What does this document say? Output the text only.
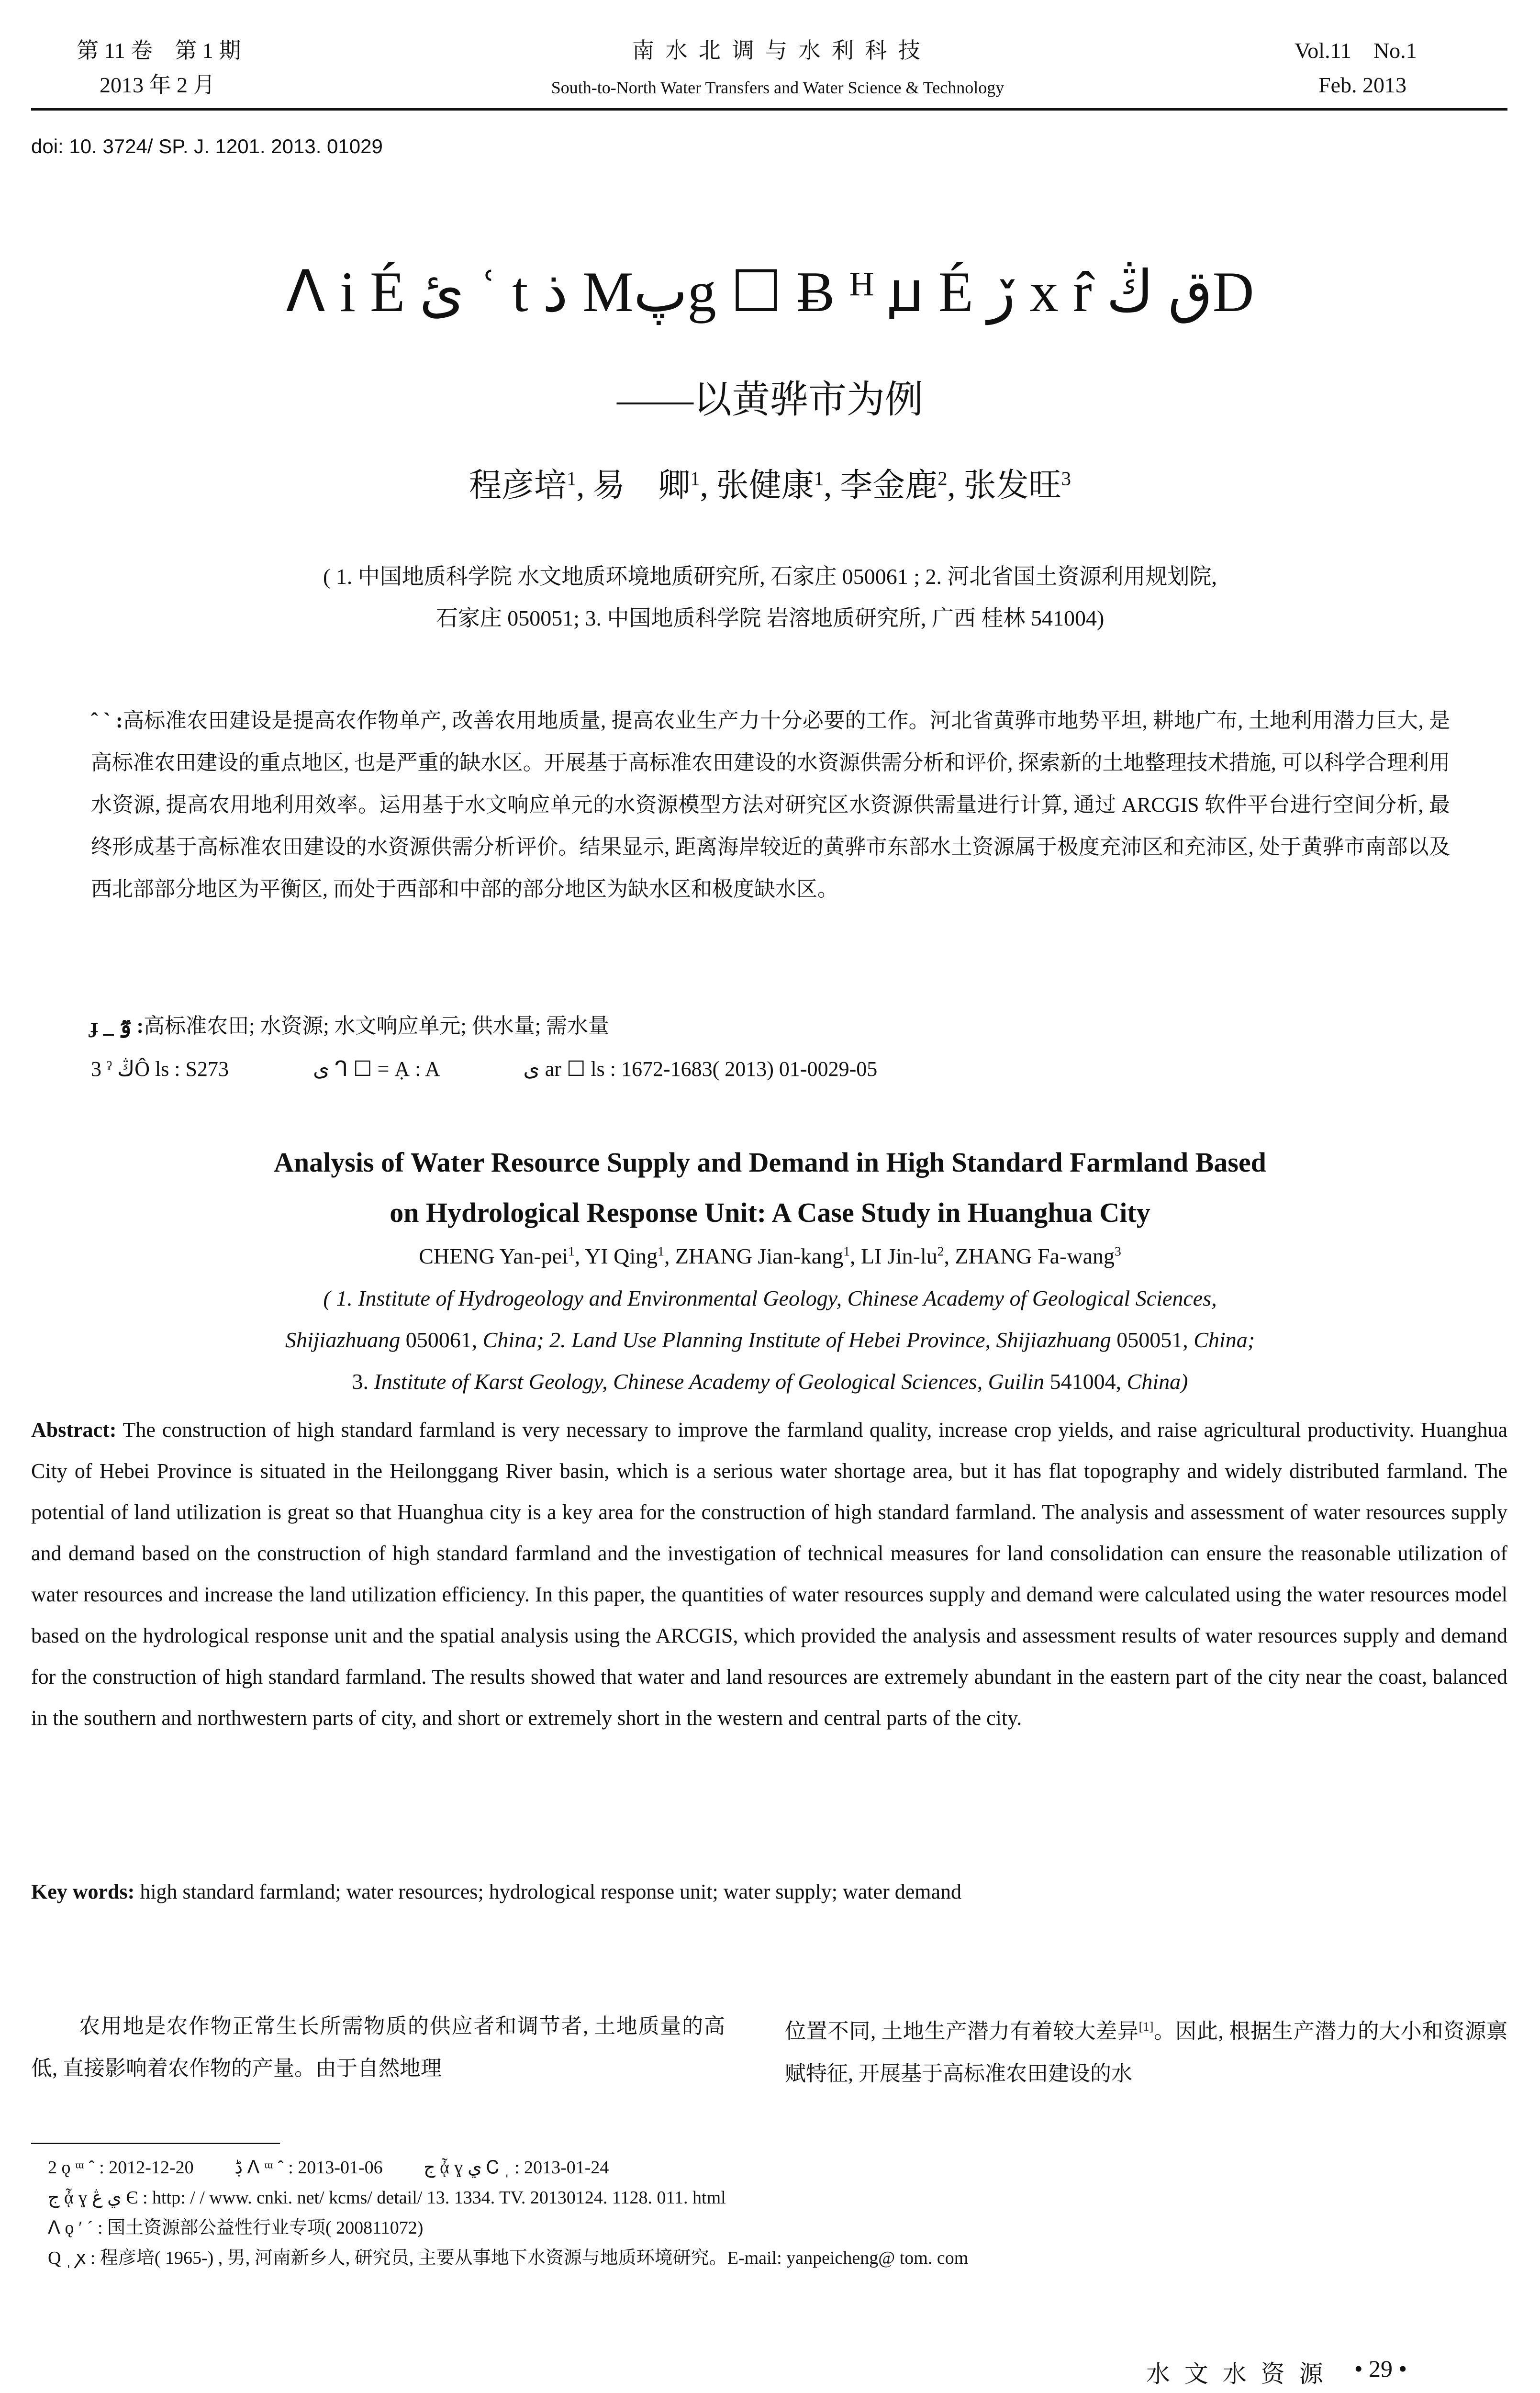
第 11 卷　第 1 期
2013 年 2 月
南 水 北 调 与 水 利 科 技
South-to-North Water Transfers and Water Science & Technology
Vol.11　No.1
Feb. 2013
doi: 10. 3724/ SP. J. 1201. 2013. 01029
ᐱ i É ئ ʿ t ذ Mپg ☐ Ƀ ᴴ ꙡ É ڒ x r̂ ق ڭD
——以黄骅市为例
程彦培$^1$, 易　卿$^1$, 张健康$^1$, 李金鹿$^2$, 张发旺$^3$
( 1. 中国地质科学院 水文地质环境地质研究所, 石家庄 050061 ; 2. 河北省国土资源利用规划院,
石家庄 050051; 3. 中国地质科学院 岩溶地质研究所, 广西 桂林 541004)
ˆ ` :高标准农田建设是提高农作物单产, 改善农用地质量, 提高农业生产力十分必要的工作。河北省黄骅市地势平坦, 耕地广布, 土地利用潜力巨大, 是高标准农田建设的重点地区, 也是严重的缺水区。开展基于高标准农田建设的水资源供需分析和评价, 探索新的土地整理技术措施, 可以科学合理利用水资源, 提高农用地利用效率。运用基于水文响应单元的水资源模型方法对研究区水资源供需量进行计算, 通过 ARCGIS 软件平台进行空间分析, 最终形成基于高标准农田建设的水资源供需分析评价。结果显示, 距离海岸较近的黄骅市东部水土资源属于极度充沛区和充沛区, 处于黄骅市南部以及西北部部分地区为平衡区, 而处于西部和中部的部分地区为缺水区和极度缺水区。
ɟ _ ٷ :高标准农田; 水资源; 水文响应单元; 供水量; 需水量
3 ˀ ڭÔ ls : S273　　　　	ی ᒉ ☐ = Ạ : A　　　　	ی ar ☐ ls : 1672-1683( 2013) 01-0029-05
Analysis of Water Resource Supply and Demand in High Standard Farmland Based
on Hydrological Response Unit: A Case Study in Huanghua City
CHENG Yan-pei$^1$, YI Qing$^1$, ZHANG Jian-kang$^1$, LI Jin-$lu^2$, ZHANG Fa-wang$^3$
( 1. Institute of Hydrogeology and Environmental Geology, Chinese Academy of Geological Sciences,
Shijiazhuang 050061, China; 2. Land Use Planning Institute of Hebei Province, Shijiazhuang 050051, China;
3. Institute of Karst Geology, Chinese Academy of Geological Sciences, Guilin 541004, China)
Abstract: The construction of high standard farmland is very necessary to improve the farmland quality, increase crop yields, and raise agricultural productivity. Huanghua City of Hebei Province is situated in the Heilonggang River basin, which is a serious water shortage area, but it has flat topography and widely distributed farmland. The potential of land utilization is great so that Huanghua city is a key area for the construction of high standard farmland. The analysis and assessment of water resources supply and demand based on the construction of high standard farmland and the investigation of technical measures for land consolidation can ensure the reasonable utilization of water resources and increase the land utilization efficiency. In this paper, the quantities of water resources supply and demand were calculated using the water resources model based on the hydrological response unit and the spatial analysis using the ARCGIS, which provided the analysis and assessment results of water resources supply and demand for the construction of high standard farmland. The results showed that water and land resources are extremely abundant in the eastern part of the city near the coast, balanced in the southern and northwestern parts of city, and short or extremely short in the western and central parts of the city.
Key words: high standard farmland; water resources; hydrological response unit; water supply; water demand
农用地是农作物正常生长所需物质的供应者和调节者, 土地质量的高低, 直接影响着农作物的产量。由于自然地理
位置不同, 土地生产潜力有着较大差异[1]。因此, 根据生产潜力的大小和资源禀赋特征, 开展基于高标准农田建设的水
2 ǫ ᵚ ˆ : 2012-12-20　　 ڋ ᐱ ᵚ ˆ : 2013-01-06　　 ج ᾆ ɣ ي Ꮯ ˌ : 2013-01-24
ج ᾆ ɣ ي ڠ Є : http: / / www. cnki. net/ kcms/ detail/ 13. 1334. TV. 20130124. 1128. 011. html
ᐱ ǫ ʹ ˊ : 国土资源部公益性行业专项( 200811072)
Q ˌ ꭗ : 程彦培( 1965-) , 男, 河南新乡人, 研究员, 主要从事地下水资源与地质环境研究。E-mail: yanpeicheng@ tom. com
水 文 水 资 源 • 29 •
